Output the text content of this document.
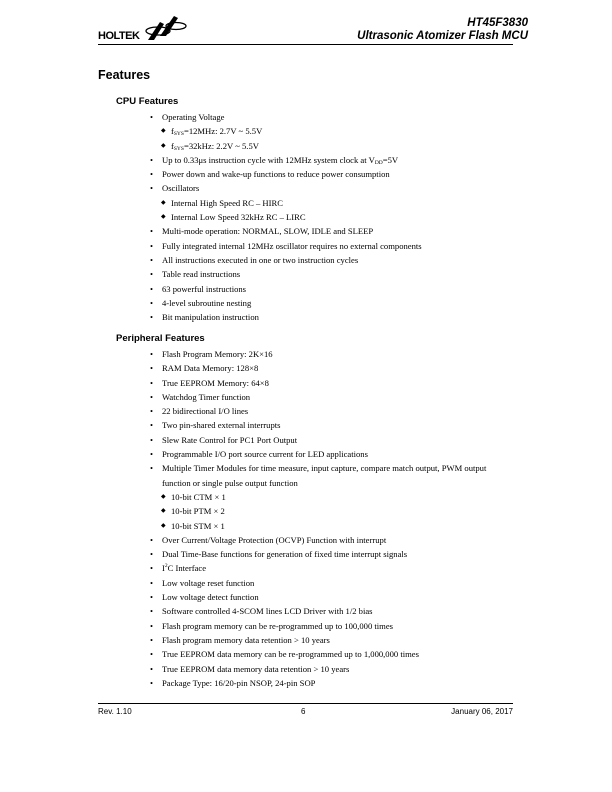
HOLTEK
HT45F3830
Ultrasonic Atomizer Flash MCU
Features
CPU Features
• Operating Voltage
◆ $f_{SYS}=12MHz$: 2.7V ~ 5.5V
◆ $f_{SYS}=32kHz$: 2.2V ~ 5.5V
• Up to 0.33μs instruction cycle with 12MHz system clock at $V_{DD}=5V$
• Power down and wake-up functions to reduce power consumption
• Oscillators
◆ Internal High Speed RC – HIRC
◆ Internal Low Speed 32kHz RC – LIRC
• Multi-mode operation: NORMAL, SLOW, IDLE and SLEEP
• Fully integrated internal 12MHz oscillator requires no external components
• All instructions executed in one or two instruction cycles
• Table read instructions
• 63 powerful instructions
• 4-level subroutine nesting
• Bit manipulation instruction
Peripheral Features
• Flash Program Memory: 2K×16
• RAM Data Memory: 128×8
• True EEPROM Memory: 64×8
• Watchdog Timer function
• 22 bidirectional I/O lines
• Two pin-shared external interrupts
• Slew Rate Control for PC1 Port Output
• Programmable I/O port source current for LED applications
• Multiple Timer Modules for time measure, input capture, compare match output, PWM output function or single pulse output function
◆ 10-bit CTM × 1
◆ 10-bit PTM × 2
◆ 10-bit STM × 1
• Over Current/Voltage Protection (OCVP) Function with interrupt
• Dual Time-Base functions for generation of fixed time interrupt signals
• $I^2C$ Interface
• Low voltage reset function
• Low voltage detect function
• Software controlled 4-SCOM lines LCD Driver with 1/2 bias
• Flash program memory can be re-programmed up to 100,000 times
• Flash program memory data retention > 10 years
• True EEPROM data memory can be re-programmed up to 1,000,000 times
• True EEPROM data memory data retention > 10 years
• Package Type: 16/20-pin NSOP, 24-pin SOP
Rev. 1.10	6	January 06, 2017
